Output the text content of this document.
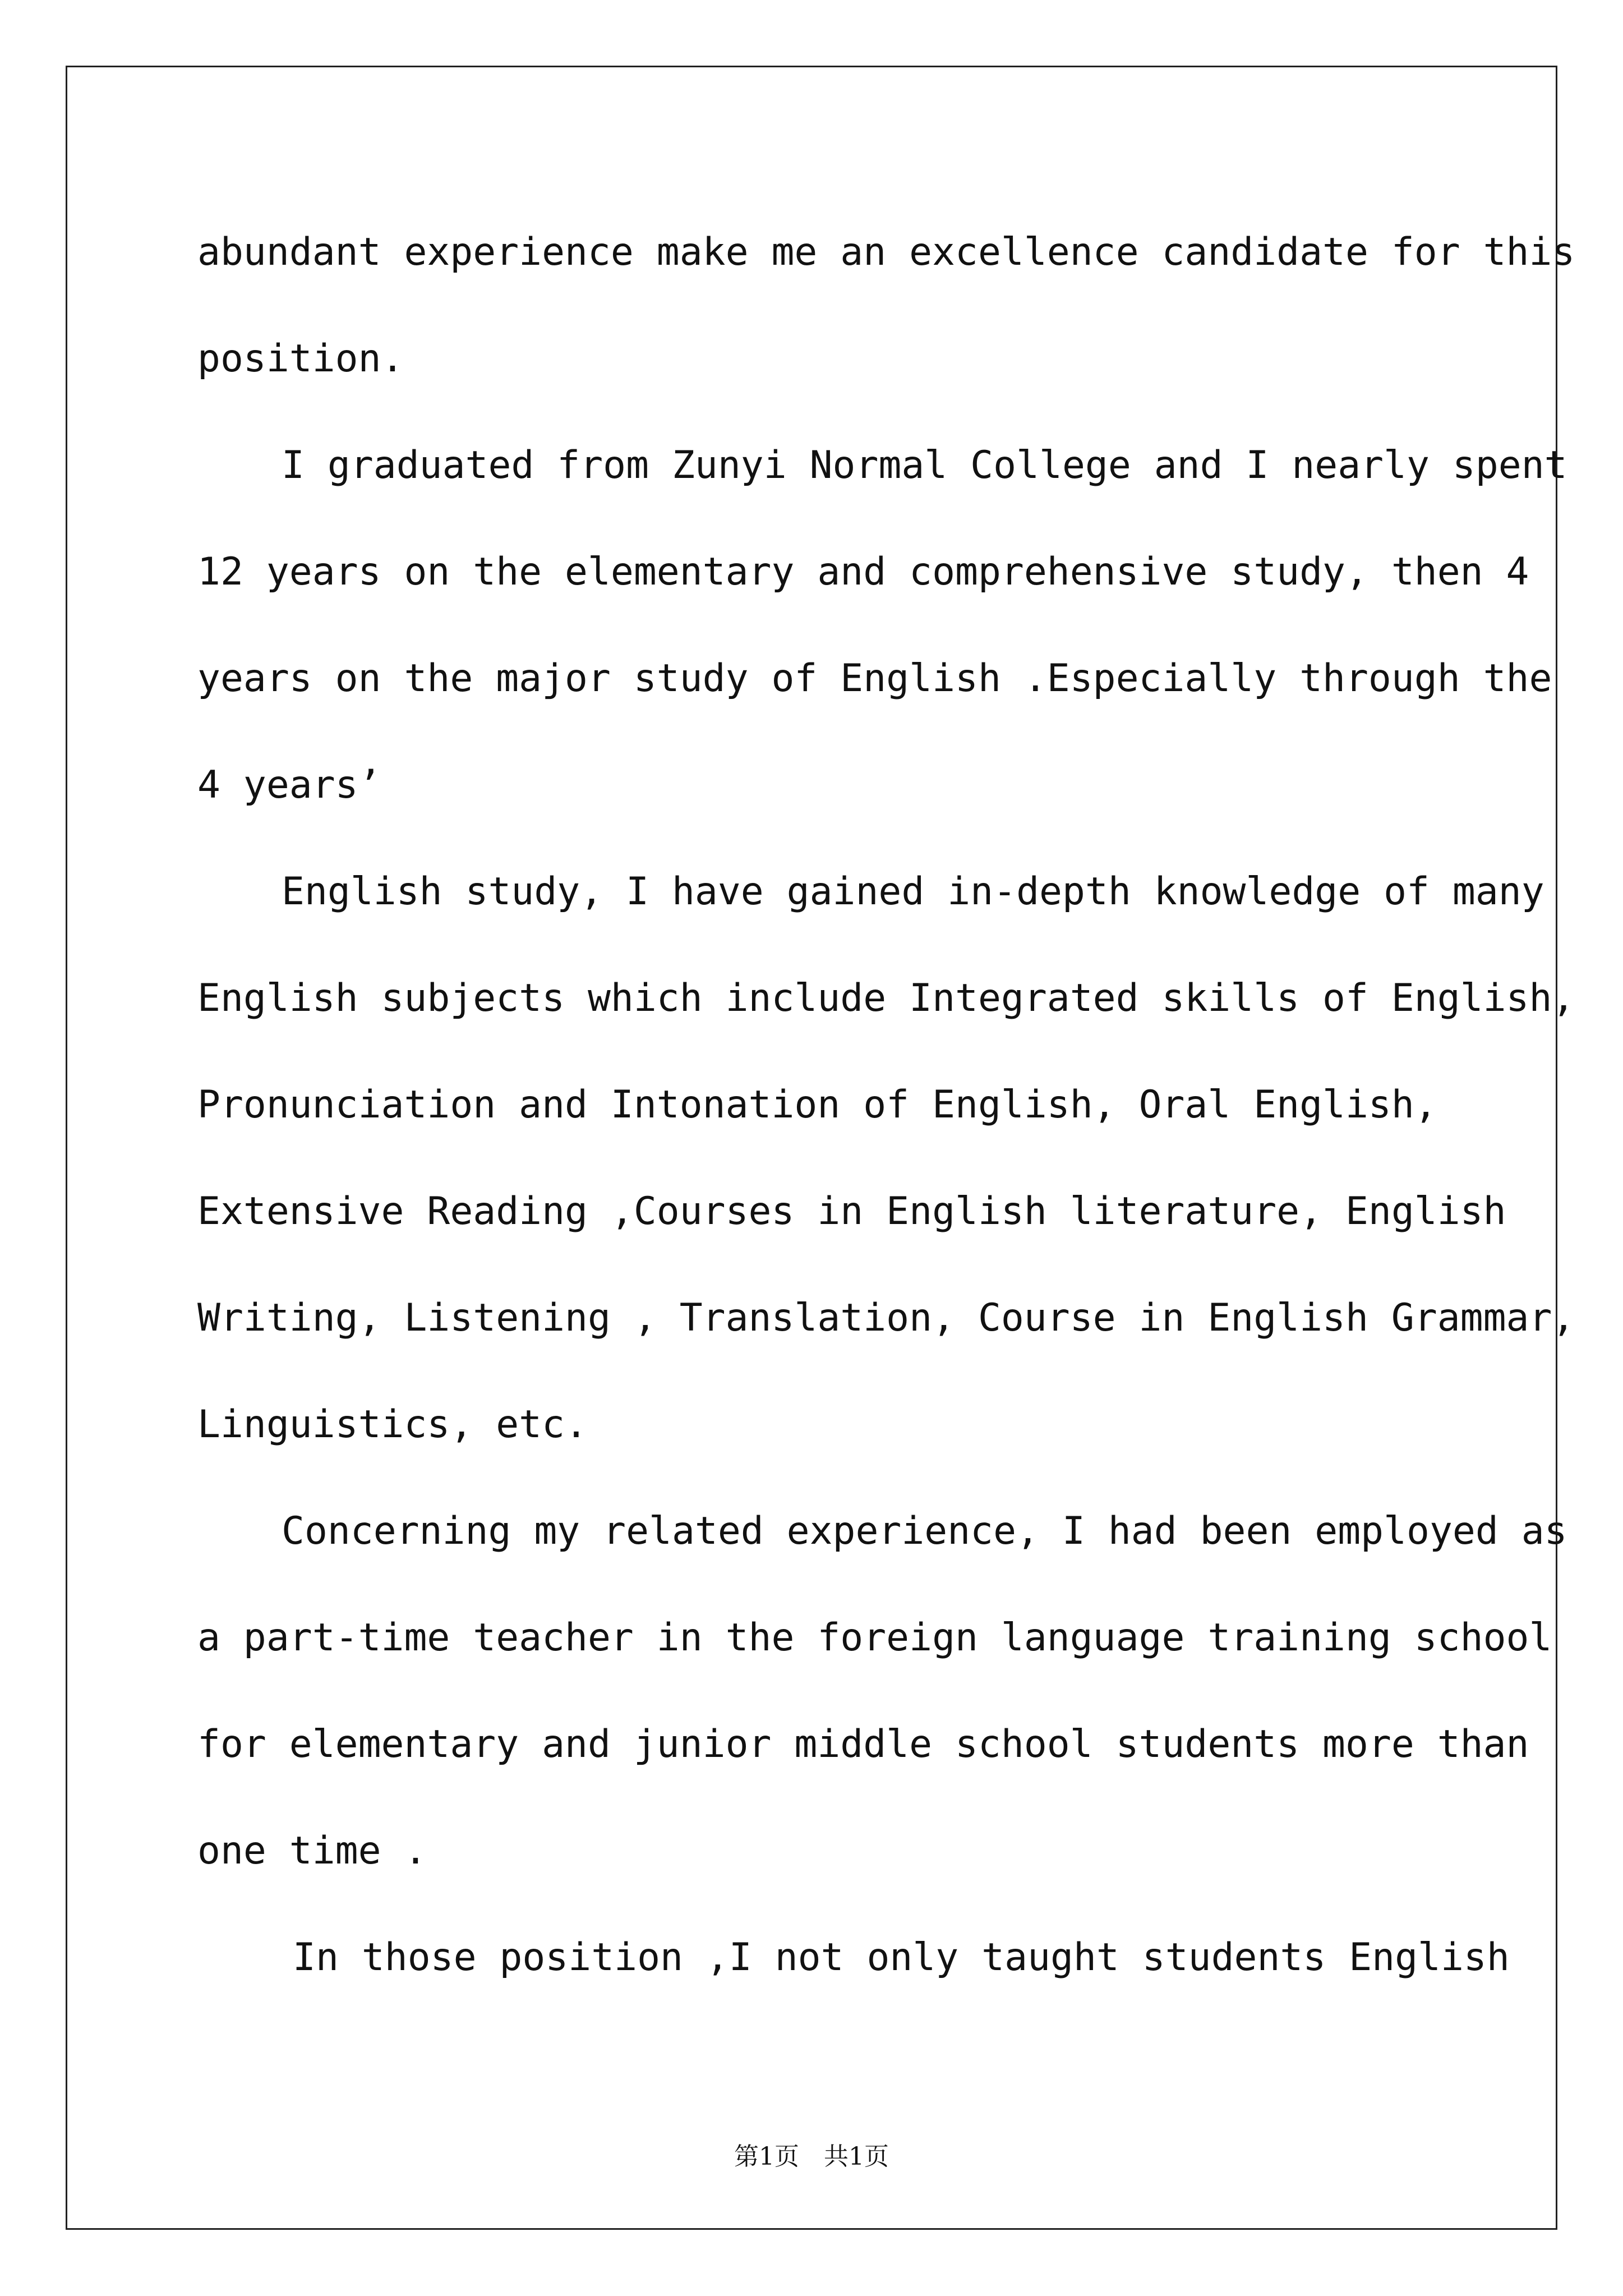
abundant experience make me an excellence candidate for this
position.
I graduated from Zunyi Normal College and I nearly spent
12 years on the elementary and comprehensive study, then 4
years on the major study of English .Especially through the
4 years’
English study, I have gained in-depth knowledge of many
English subjects which include Integrated skills of English,
Pronunciation and Intonation of English, Oral English,
Extensive Reading ,Courses in English literature, English
Writing, Listening , Translation, Course in English Grammar,
Linguistics, etc.
Concerning my related experience, I had been employed as
a part-time teacher in the foreign language training school
for elementary and junior middle school students more than
one time .
In those position ,I not only taught students English
第1页　共1页
